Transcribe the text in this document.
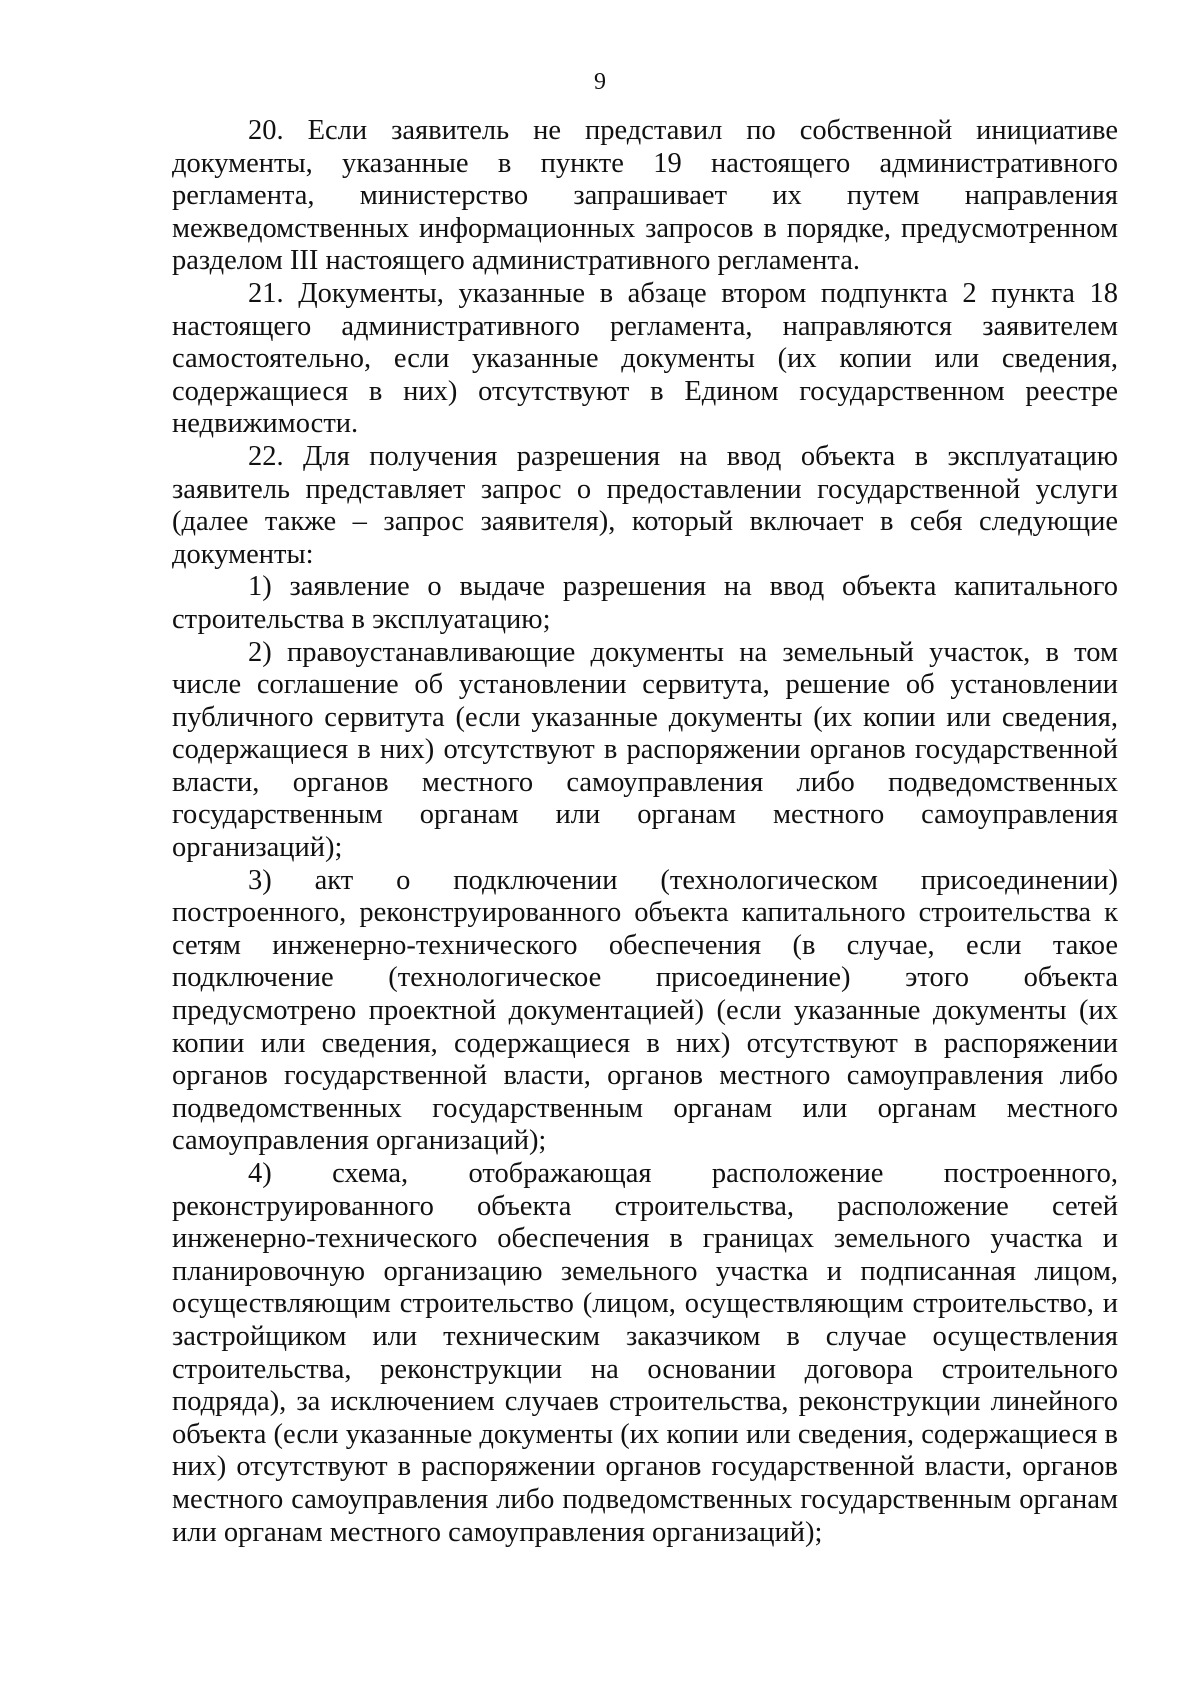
9

20. Если заявитель не представил по собственной инициативе документы, указанные в пункте 19 настоящего административного регламента, министерство запрашивает их путем направления межведомственных информационных запросов в порядке, предусмотренном разделом III настоящего административного регламента.

21. Документы, указанные в абзаце втором подпункта 2 пункта 18 настоящего административного регламента, направляются заявителем самостоятельно, если указанные документы (их копии или сведения, содержащиеся в них) отсутствуют в Едином государственном реестре недвижимости.

22. Для получения разрешения на ввод объекта в эксплуатацию заявитель представляет запрос о предоставлении государственной услуги (далее также – запрос заявителя), который включает в себя следующие документы:

1) заявление о выдаче разрешения на ввод объекта капитального строительства в эксплуатацию;

2) правоустанавливающие документы на земельный участок, в том числе соглашение об установлении сервитута, решение об установлении публичного сервитута (если указанные документы (их копии или сведения, содержащиеся в них) отсутствуют в распоряжении органов государственной власти, органов местного самоуправления либо подведомственных государственным органам или органам местного самоуправления организаций);

3) акт о подключении (технологическом присоединении) построенного, реконструированного объекта капитального строительства к сетям инженерно-технического обеспечения (в случае, если такое подключение (технологическое присоединение) этого объекта предусмотрено проектной документацией) (если указанные документы (их копии или сведения, содержащиеся в них) отсутствуют в распоряжении органов государственной власти, органов местного самоуправления либо подведомственных государственным органам или органам местного самоуправления организаций);

4) схема, отображающая расположение построенного, реконструированного объекта строительства, расположение сетей инженерно-технического обеспечения в границах земельного участка и планировочную организацию земельного участка и подписанная лицом, осуществляющим строительство (лицом, осуществляющим строительство, и застройщиком или техническим заказчиком в случае осуществления строительства, реконструкции на основании договора строительного подряда), за исключением случаев строительства, реконструкции линейного объекта (если указанные документы (их копии или сведения, содержащиеся в них) отсутствуют в распоряжении органов государственной власти, органов местного самоуправления либо подведомственных государственным органам или органам местного самоуправления организаций);
